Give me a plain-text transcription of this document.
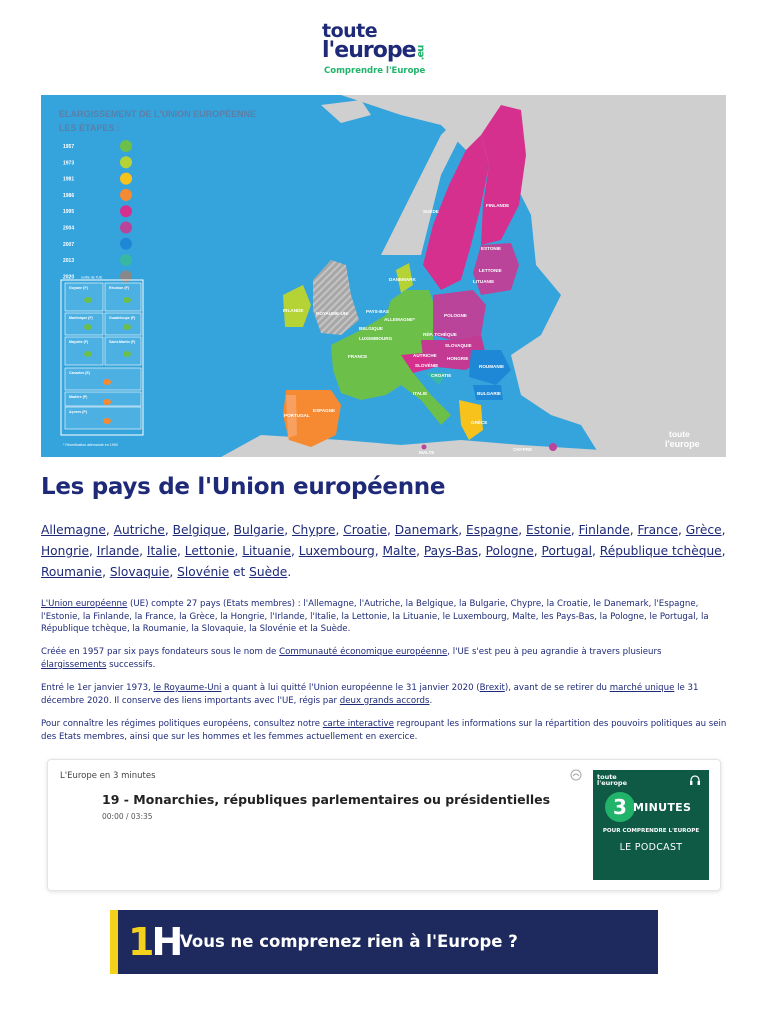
toute
l'europe.eu
Comprendre l'Europe
ELARGISSEMENT DE L'UNION EUROPÉENNE
LES ÉTAPES :
1957
1973
1981
1986
1995
2004
2007
2013
2020 sortie de l'UE
Guyane (F)	Réunion (F)
Martinique (F)	Guadeloupe (F)
Mayotte (F)	Saint-Martin (F)
Canaries (E)
Madère (P)
Açores (P)
* Réunification allemande en 1990
SUÈDE
FINLANDE
ESTONIE
LETTONIE
LITUANIE
DANEMARK
IRLANDE
ROYAUME-UNI	PAYS-BAS
BELGIQUE
LUXEMBOURG
ALLEMAGNE*
POLOGNE
RÉP. TCHÈQUE
SLOVAQUIE
AUTRICHE
HONGRIE
SLOVÉNIE
CROATIE
FRANCE
ROUMANIE
BULGARIE
ITALIE
GRÈCE
PORTUGAL
ESPAGNE
MALTE
CHYPRE
toute
l'europe
Les pays de l'Union européenne
Allemagne, Autriche, Belgique, Bulgarie, Chypre, Croatie, Danemark, Espagne, Estonie, Finlande, France, Grèce, Hongrie, Irlande, Italie, Lettonie, Lituanie, Luxembourg, Malte, Pays-Bas, Pologne, Portugal, République tchèque, Roumanie, Slovaquie, Slovénie et Suède.

L'Union européenne (UE) compte 27 pays (Etats membres) : l'Allemagne, l'Autriche, la Belgique, la Bulgarie, Chypre, la Croatie, le Danemark, l'Espagne, l'Estonie, la Finlande, la France, la Grèce, la Hongrie, l'Irlande, l'Italie, la Lettonie, la Lituanie, le Luxembourg, Malte, les Pays-Bas, la Pologne, le Portugal, la République tchèque, la Roumanie, la Slovaquie, la Slovénie et la Suède.

Créée en 1957 par six pays fondateurs sous le nom de Communauté économique européenne, l'UE s'est peu à peu agrandie à travers plusieurs élargissements successifs.

Entré le 1er janvier 1973, le Royaume-Uni a quant à lui quitté l'Union européenne le 31 janvier 2020 (Brexit), avant de se retirer du marché unique le 31 décembre 2020. Il conserve des liens importants avec l'UE, régis par deux grands accords.

Pour connaître les régimes politiques européens, consultez notre carte interactive regroupant les informations sur la répartition des pouvoirs politiques au sein des Etats membres, ainsi que sur les hommes et les femmes actuellement en exercice.

L'Europe en 3 minutes
19 - Monarchies, républiques parlementaires ou présidentielles
00:00 / 03:35
toute
l'europe
3 MINUTES
POUR COMPRENDRE L'EUROPE
LE PODCAST
1H Vous ne comprenez rien à l'Europe ?
